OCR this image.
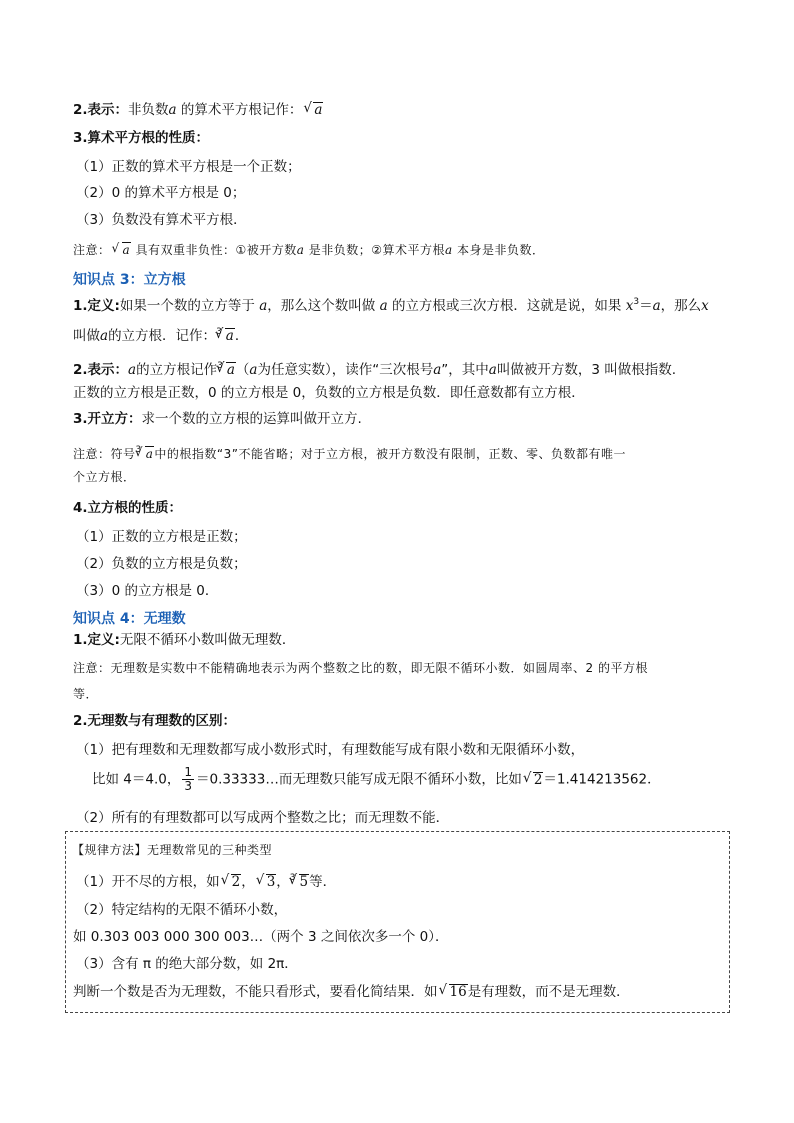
2.表示：非负数a 的算术平方根记作： √ a
3.算术平方根的性质：
（1）正数的算术平方根是一个正数；
（2）0 的算术平方根是 0；
（3）负数没有算术平方根．
注意： √ a 具有双重非负性：①被开方数a 是非负数；②算术平方根a 本身是非负数．
知识点 3：立方根
1.定义:如果一个数的立方等于 a，那么这个数叫做 a 的立方根或三次方根．这就是说，如果 $x^3=a$，那么x
叫做a的立方根．记作：$^3$ √ a．
2.表示：a的立方根记作$^3$ √ a（a为任意实数），读作“三次根号a”，其中a叫做被开方数，3 叫做根指数.
正数的立方根是正数，0 的立方根是 0，负数的立方根是负数．即任意数都有立方根．
3.开立方：求一个数的立方根的运算叫做开立方.
注意：符号$^3$ √ a中的根指数“3”不能省略；对于立方根，被开方数没有限制，正数、零、负数都有唯一
个立方根．
4.立方根的性质：
（1）正数的立方根是正数；
（2）负数的立方根是负数；
（3）0 的立方根是 0．
知识点 4：无理数
1.定义:无限不循环小数叫做无理数．
注意：无理数是实数中不能精确地表示为两个整数之比的数，即无限不循环小数．如圆周率、2 的平方根
等．
2.无理数与有理数的区别：
（1）把有理数和无理数都写成小数形式时，有理数能写成有限小数和无限循环小数，
比如 4＝4.0， $\frac{1}{3}$ ＝0.33333…而无理数只能写成无限不循环小数，比如 √ 2＝1.414213562．
（2）所有的有理数都可以写成两个整数之比；而无理数不能．
【规律方法】无理数常见的三种类型
（1）开不尽的方根，如 √ 2， √ 3，$^3$ √ 5等．
（2）特定结构的无限不循环小数，
如 0.303 003 000 300 003…（两个 3 之间依次多一个 0）．
（3）含有 π 的绝大部分数，如 2π．
判断一个数是否为无理数，不能只看形式，要看化简结果．如 √ 16是有理数，而不是无理数．
